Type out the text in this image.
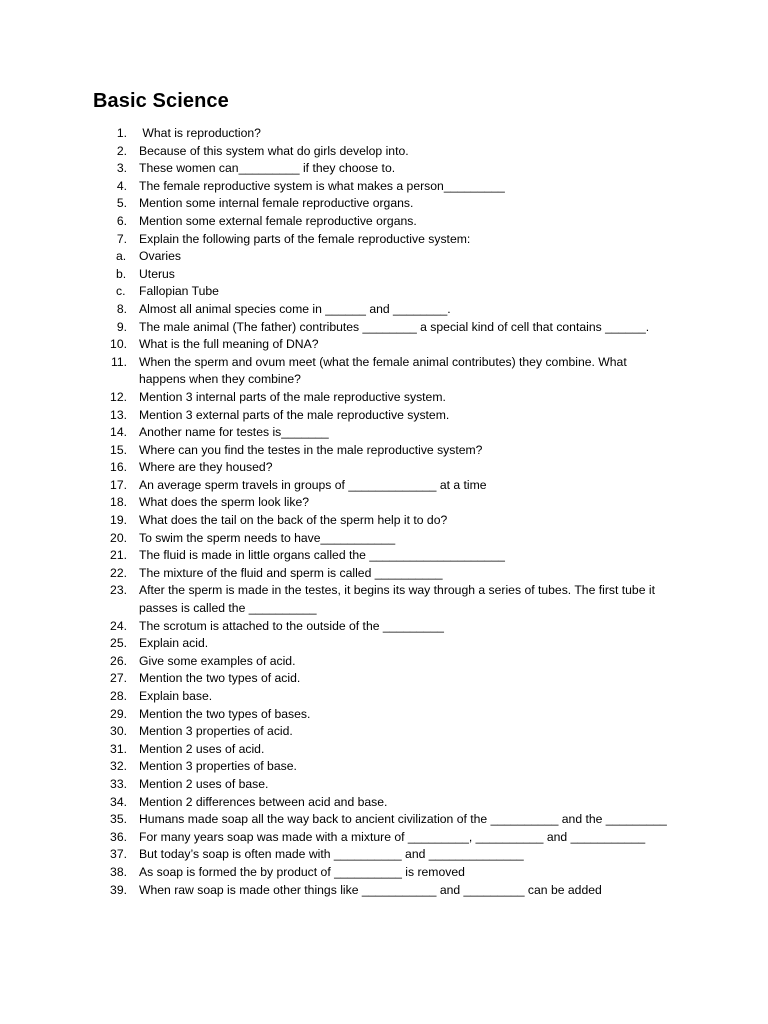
Basic Science
1. What is reproduction?
2. Because of this system what do girls develop into.
3. These women can_________ if they choose to.
4. The female reproductive system is what makes a person_________
5. Mention some internal female reproductive organs.
6. Mention some external female reproductive organs.
7. Explain the following parts of the female reproductive system:
a.	Ovaries
b.	Uterus
c.	Fallopian Tube
8. Almost all animal species come in ______ and ________.
9. The male animal (The father) contributes ________ a special kind of cell that contains ______.
10. What is the full meaning of DNA?
11. When the sperm and ovum meet (what the female animal contributes) they combine. What happens when they combine?
12. Mention 3 internal parts of the male reproductive system.
13. Mention 3 external parts of the male reproductive system.
14. Another name for testes is_______
15. Where can you find the testes in the male reproductive system?
16. Where are they housed?
17. An average sperm travels in groups of _____________ at a time
18. What does the sperm look like?
19. What does the tail on the back of the sperm help it to do?
20. To swim the sperm needs to have___________
21. The fluid is made in little organs called the ____________________
22. The mixture of the fluid and sperm is called __________
23. After the sperm is made in the testes, it begins its way through a series of tubes. The first tube it passes is called the __________
24. The scrotum is attached to the outside of the _________
25. Explain acid.
26. Give some examples of acid.
27. Mention the two types of acid.
28. Explain base.
29. Mention the two types of bases.
30. Mention 3 properties of acid.
31. Mention 2 uses of acid.
32. Mention 3 properties of base.
33. Mention 2 uses of base.
34. Mention 2 differences between acid and base.
35. Humans made soap all the way back to ancient civilization of the __________ and the _________
36. For many years soap was made with a mixture of _________, __________ and ___________
37. But today’s soap is often made with __________ and ______________
38. As soap is formed the by product of __________ is removed
39. When raw soap is made other things like ___________ and _________ can be added
